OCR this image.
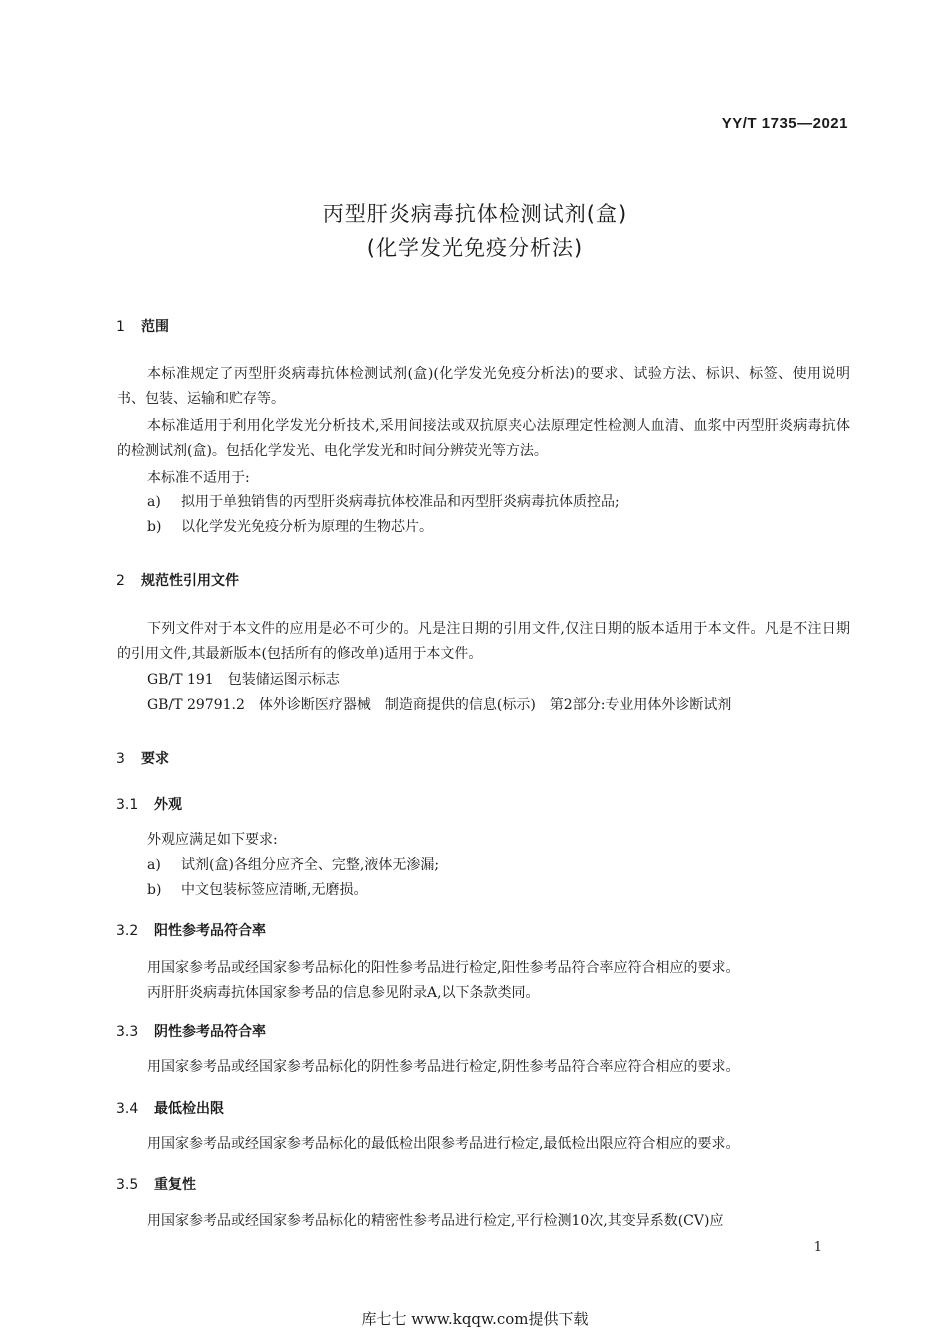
YY/T 1735—2021
丙型肝炎病毒抗体检测试剂(盒)
(化学发光免疫分析法)
1 范围
本标准规定了丙型肝炎病毒抗体检测试剂(盒)(化学发光免疫分析法)的要求、试验方法、标识、标签、使用说明书、包装、运输和贮存等。
本标准适用于利用化学发光分析技术,采用间接法或双抗原夹心法原理定性检测人血清、血浆中丙型肝炎病毒抗体的检测试剂(盒)。包括化学发光、电化学发光和时间分辨荧光等方法。
本标准不适用于:
a) 拟用于单独销售的丙型肝炎病毒抗体校准品和丙型肝炎病毒抗体质控品;
b) 以化学发光免疫分析为原理的生物芯片。
2 规范性引用文件
下列文件对于本文件的应用是必不可少的。凡是注日期的引用文件,仅注日期的版本适用于本文件。凡是不注日期的引用文件,其最新版本(包括所有的修改单)适用于本文件。
GB/T 191　包装储运图示标志
GB/T 29791.2　体外诊断医疗器械　制造商提供的信息(标示)　第2部分:专业用体外诊断试剂
3 要求
3.1 外观
外观应满足如下要求:
a) 试剂(盒)各组分应齐全、完整,液体无渗漏;
b) 中文包装标签应清晰,无磨损。
3.2 阳性参考品符合率
用国家参考品或经国家参考品标化的阳性参考品进行检定,阳性参考品符合率应符合相应的要求。
丙肝肝炎病毒抗体国家参考品的信息参见附录A,以下条款类同。
3.3 阴性参考品符合率
用国家参考品或经国家参考品标化的阴性参考品进行检定,阴性参考品符合率应符合相应的要求。
3.4 最低检出限
用国家参考品或经国家参考品标化的最低检出限参考品进行检定,最低检出限应符合相应的要求。
3.5 重复性
用国家参考品或经国家参考品标化的精密性参考品进行检定,平行检测10次,其变异系数(CV)应
1
库七七 www.kqqw.com提供下载
